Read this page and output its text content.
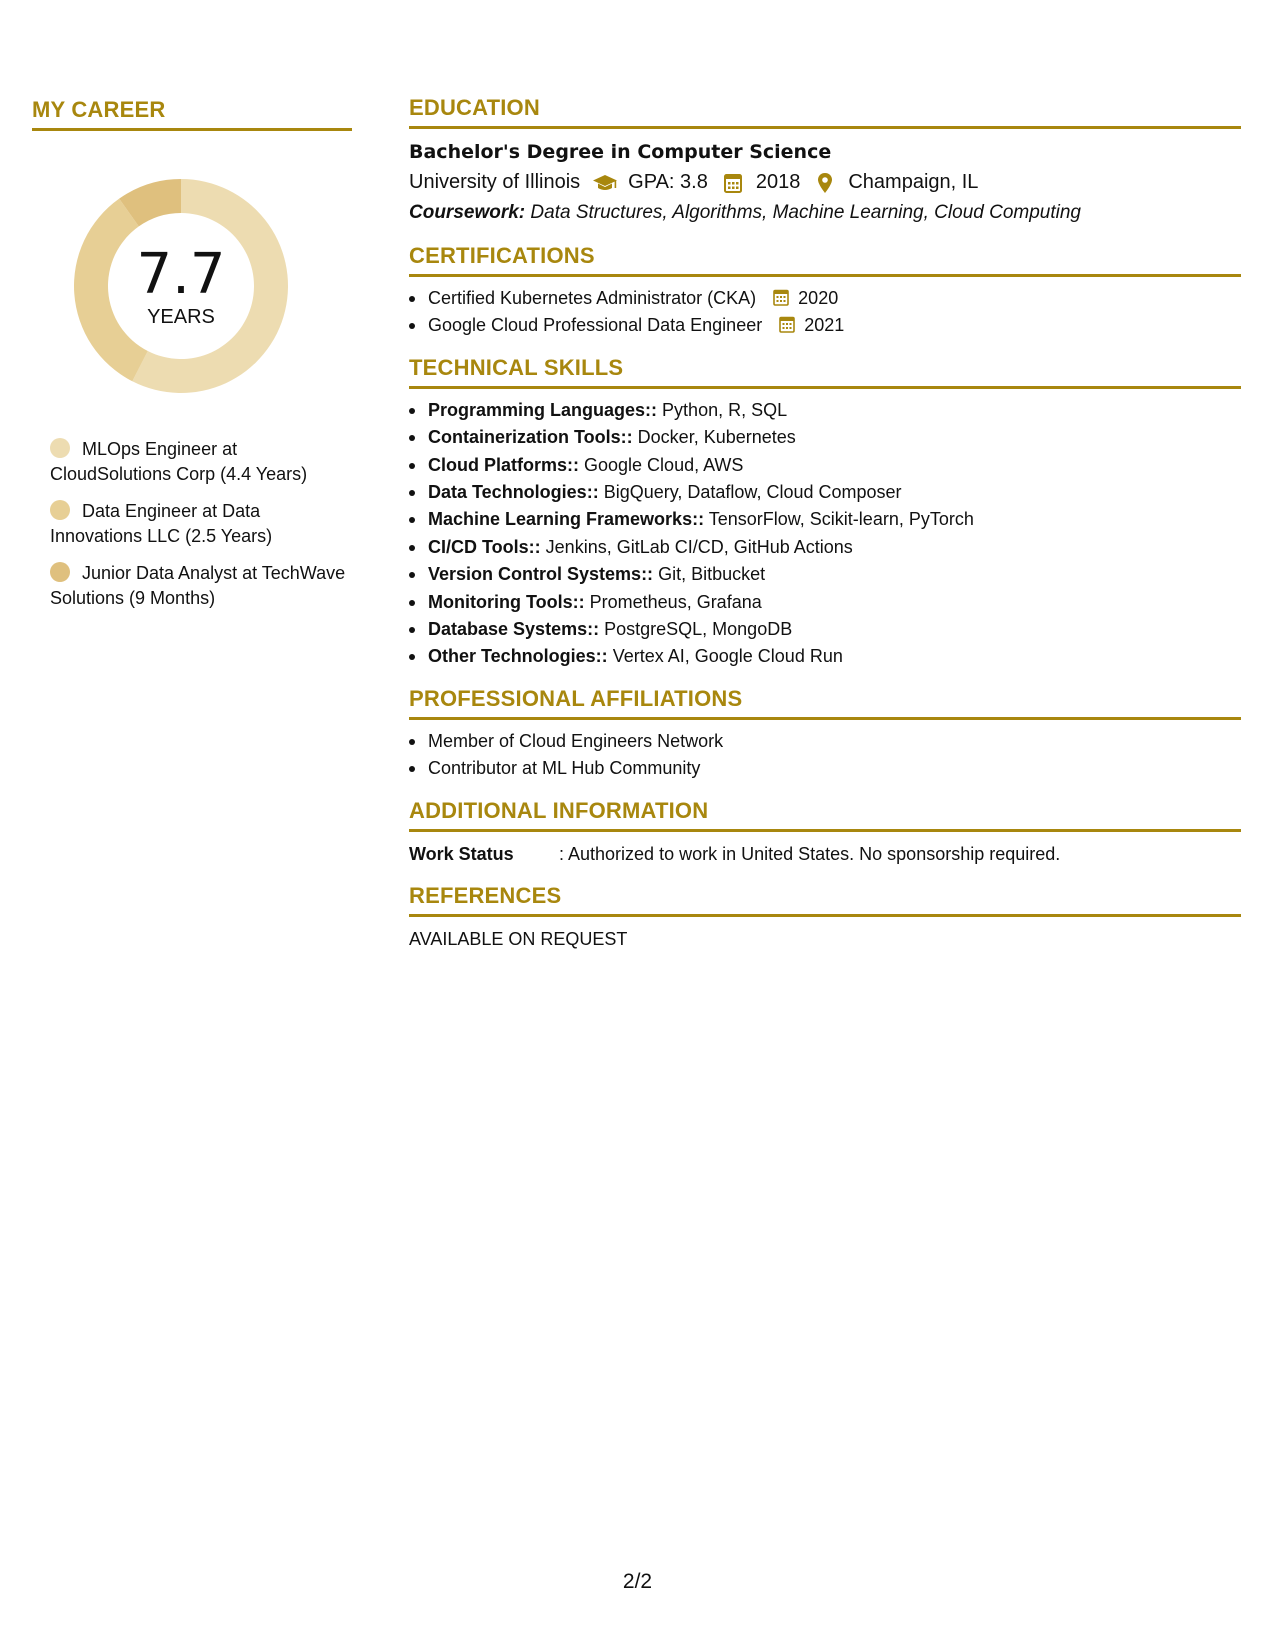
MY CAREER
7.7
YEARS
MLOps Engineer at CloudSolutions Corp (4.4 Years)
Data Engineer at Data Innovations LLC (2.5 Years)
Junior Data Analyst at TechWave Solutions (9 Months)
EDUCATION
Bachelor's Degree in Computer Science
University of Illinois GPA: 3.8 2018 Champaign, IL
Coursework: Data Structures, Algorithms, Machine Learning, Cloud Computing
CERTIFICATIONS
Certified Kubernetes Administrator (CKA) 2020
Google Cloud Professional Data Engineer 2021
TECHNICAL SKILLS
Programming Languages:: Python, R, SQL
Containerization Tools:: Docker, Kubernetes
Cloud Platforms:: Google Cloud, AWS
Data Technologies:: BigQuery, Dataflow, Cloud Composer
Machine Learning Frameworks:: TensorFlow, Scikit-learn, PyTorch
CI/CD Tools:: Jenkins, GitLab CI/CD, GitHub Actions
Version Control Systems:: Git, Bitbucket
Monitoring Tools:: Prometheus, Grafana
Database Systems:: PostgreSQL, MongoDB
Other Technologies:: Vertex AI, Google Cloud Run
PROFESSIONAL AFFILIATIONS
Member of Cloud Engineers Network
Contributor at ML Hub Community
ADDITIONAL INFORMATION
Work Status	: Authorized to work in United States. No sponsorship required.
REFERENCES
AVAILABLE ON REQUEST
2/2
